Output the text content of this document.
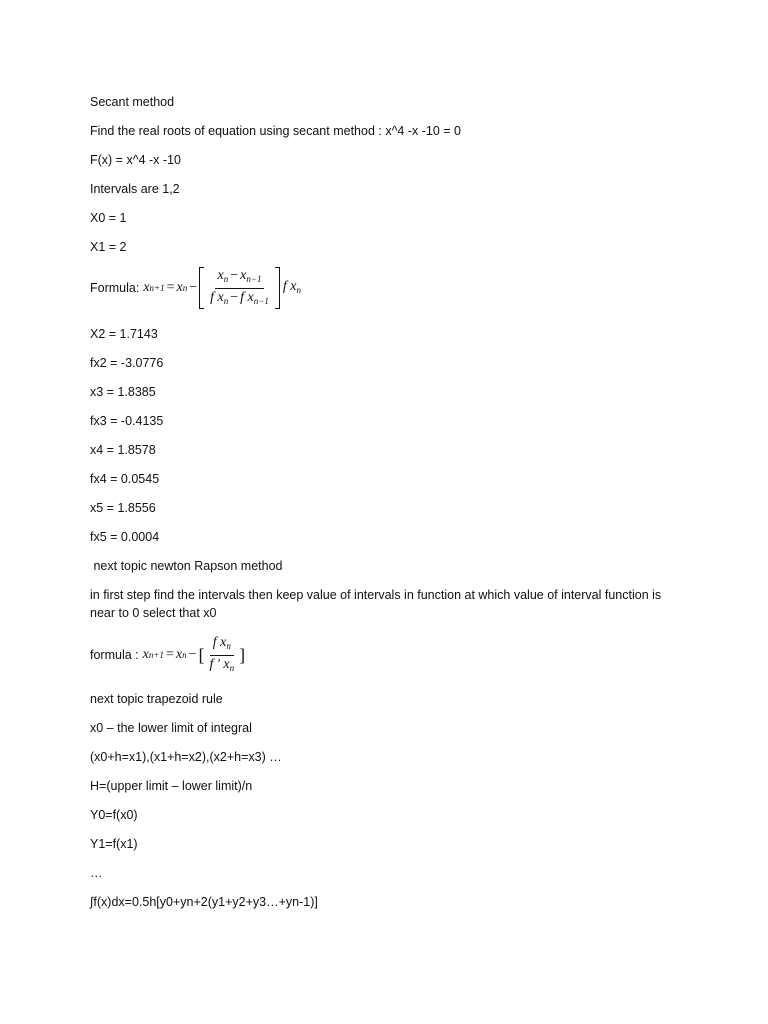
Secant method
Find the real roots of equation using secant method : x^4 -x -10 = 0
F(x) = x^4 -x -10
Intervals are 1,2
X0 = 1
X1 = 2
Formula: x n+1 = x $n - \frac{x_n - x_{n-1}}{f x_n - f x_{n-1}}$ f $x_n$
X2 = 1.7143
fx2 = -3.0776
x3 = 1.8385
fx3 = -0.4135
x4 = 1.8578
fx4 = 0.0545
x5 = 1.8556
fx5 = 0.0004
next topic newton Rapson method
in first step find the intervals then keep value of intervals in function at which value of interval function is near to 0 select that x0
formula : x n+1 = x n − [ $\frac{f x_n}{f ' x_n}$ ]
next topic trapezoid rule
x0 – the lower limit of integral
(x0+h=x1),(x1+h=x2),(x2+h=x3) …
H=(upper limit – lower limit)/n
Y0=f(x0)
Y1=f(x1)
…
∫f(x)dx=0.5h[y0+yn+2(y1+y2+y3…+yn-1)]
